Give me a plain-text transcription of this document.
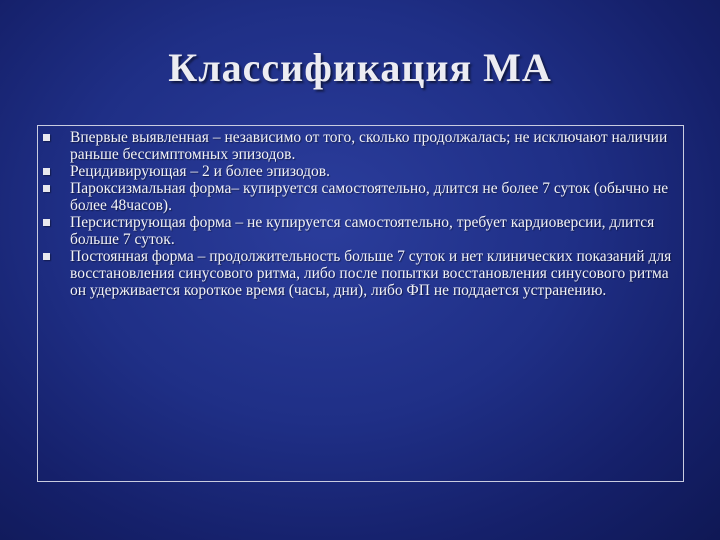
Классификация МА
Впервые выявленная – независимо от того, сколько продолжалась; не исключают наличии раньше бессимптомных эпизодов.
Рецидивирующая – 2 и более эпизодов.
Пароксизмальная форма– купируется самостоятельно, длится не более 7 суток (обычно не более 48часов).
Персистирующая форма – не купируется самостоятельно, требует кардиоверсии, длится больше 7 суток.
Постоянная форма – продолжительность больше 7 суток и нет клинических показаний для восстановления синусового ритма, либо после попытки восстановления синусового ритма он удерживается короткое время (часы, дни), либо ФП не поддается устранению.
